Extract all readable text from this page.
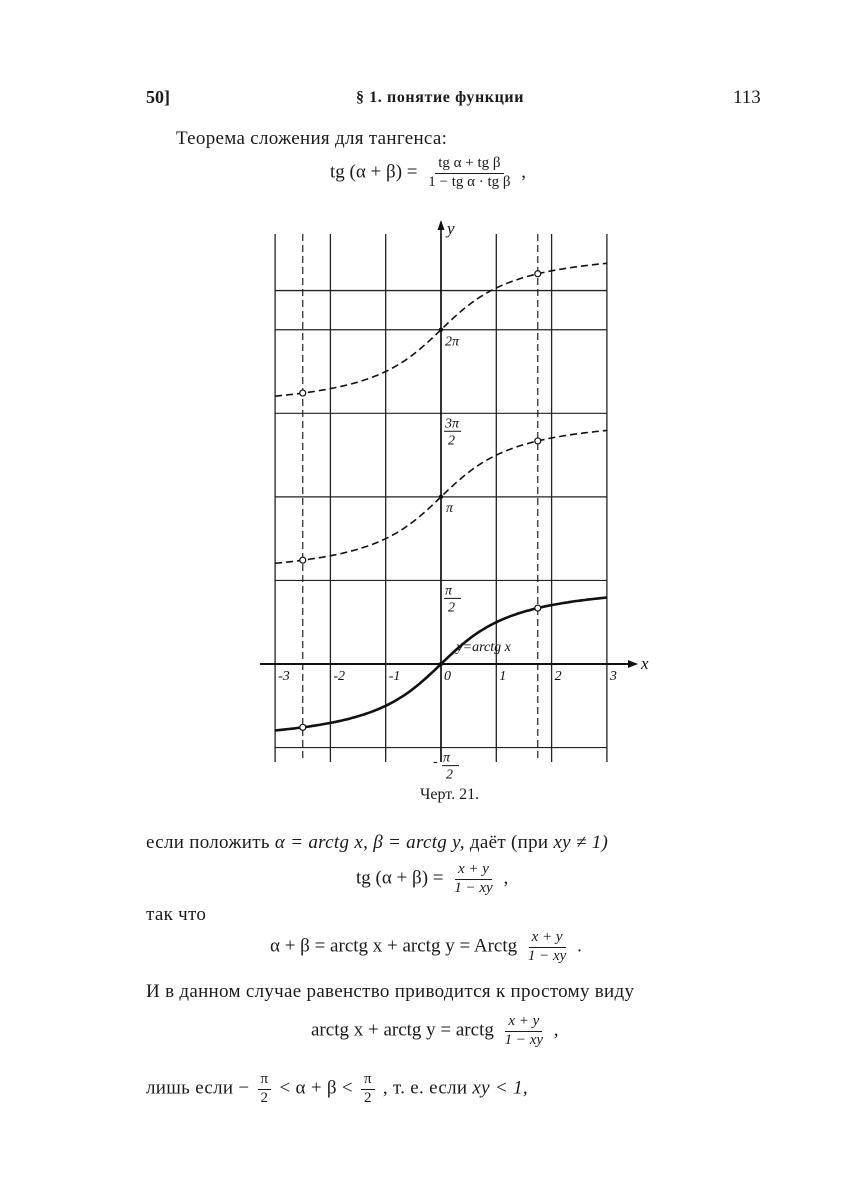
50]	§ 1. понятие функции	113
Теорема сложения для тангенса:
tg $(\alpha + \beta) = \frac{\text{tg α + tg β}}{\text{1 − tg α · tg β}}$ ,
-3	-2	-1	0	1	2	3
x
y
2π
3π
2
π
π
2
- π
2
y=arctg x
Черт. 21.
если положить α = arctg x, β = arctg y, даёт (при xy ≠ 1)
tg $(\alpha + \beta) = \frac{x + y}{1 - xy}$ ,
так что
α + β = arctg x + arctg y = Arctg $\frac{x + y}{1 - xy}$ .
И в данном случае равенство приводится к простому виду
arctg x + arctg y = arctg $\frac{x + y}{1 - xy}$ ,
лишь если − $\frac{\pi}{2} < \alpha + \beta < \frac{\pi}{2}$ , т. е. если xy < 1,
